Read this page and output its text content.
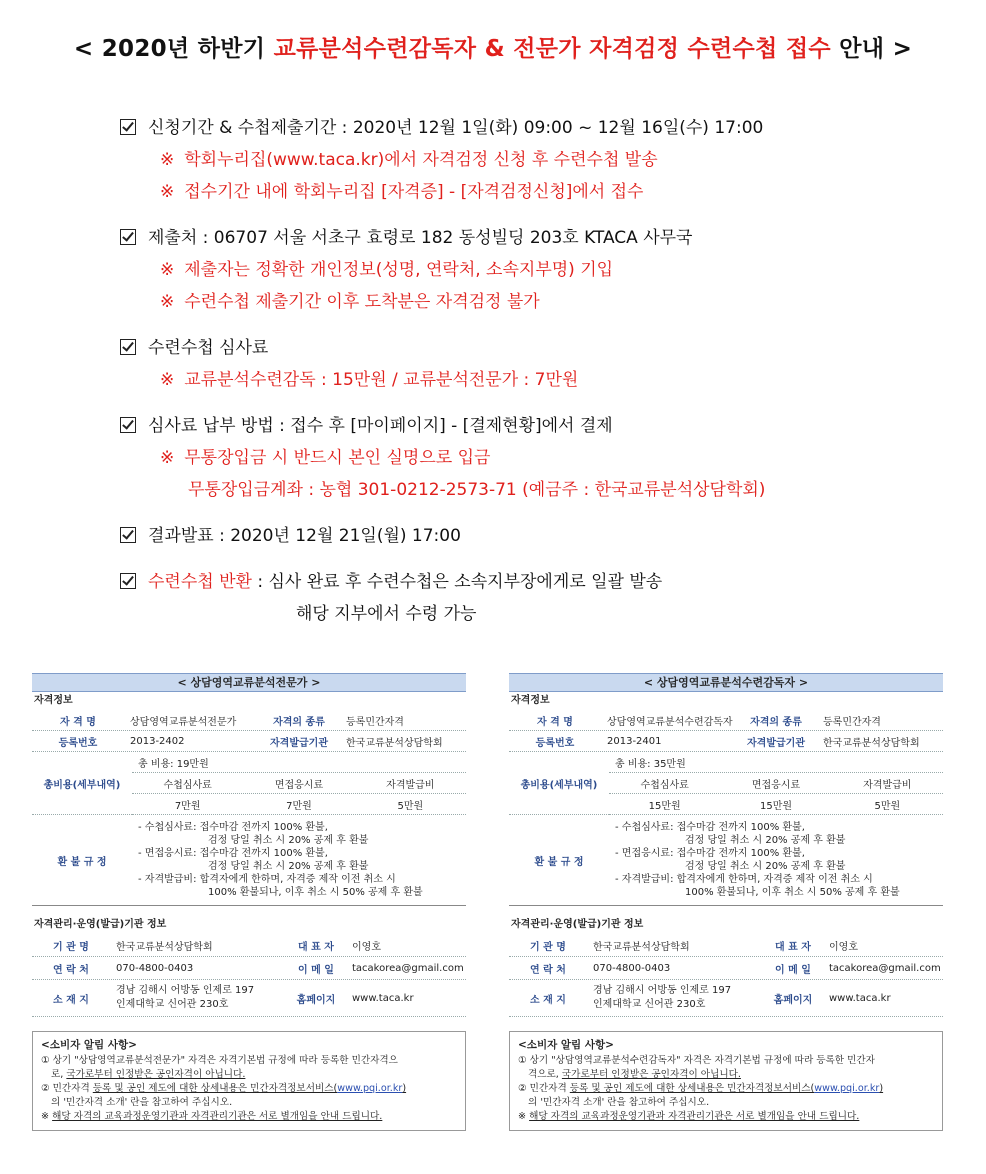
< 2020년 하반기 교류분석수련감독자 & 전문가 자격검정 수련수첩 접수 안내 >
신청기간 & 수첩제출기간 : 2020년 12월 1일(화) 09:00 ~ 12월 16일(수) 17:00
※ 학회누리집(www.taca.kr)에서 자격검정 신청 후 수련수첩 발송
※ 접수기간 내에 학회누리집 [자격증] - [자격검정신청]에서 접수
제출처 : 06707 서울 서초구 효령로 182 동성빌딩 203호 KTACA 사무국
※ 제출자는 정확한 개인정보(성명, 연락처, 소속지부명) 기입
※ 수련수첩 제출기간 이후 도착분은 자격검정 불가
수련수첩 심사료
※ 교류분석수련감독 : 15만원 / 교류분석전문가 : 7만원
심사료 납부 방법 : 접수 후 [마이페이지] - [결제현황]에서 결제
※ 무통장입금 시 반드시 본인 실명으로 입금
무통장입금계좌 : 농협 301-0212-2573-71 (예금주 : 한국교류분석상담학회)
결과발표 : 2020년 12월 21일(월) 17:00
수련수첩 반환 : 심사 완료 후 수련수첩은 소속지부장에게로 일괄 발송
해당 지부에서 수령 가능
< 상담영역교류분석전문가 >
자격정보
자 격 명	상담영역교류분석전문가	자격의 종류	등록민간자격
등록번호	2013-2402	자격발급기관	한국교류분석상담학회
총비용(세부내역)
총 비용: 19만원
수첩심사료	면접응시료	자격발급비
7만원	7만원	5만원
환 불 규 정
- 수첩심사료: 접수마감 전까지 100% 환불,
검정 당일 취소 시 20% 공제 후 환불
- 면접응시료: 접수마감 전까지 100% 환불,
검정 당일 취소 시 20% 공제 후 환불
- 자격발급비: 합격자에게 한하며, 자격증 제작 이전 취소 시
100% 환불되나, 이후 취소 시 50% 공제 후 환불
자격관리·운영(발급)기관 정보
기 관 명	한국교류분석상담학회	대 표 자	이영호
연 락 처	070-4800-0403	이 메 일	tacakorea@gmail.com
소 재 지
경남 김해시 어방동 인제로 197
인제대학교 신어관 230호	홈페이지	www.taca.kr
<소비자 알림 사항>
① 상기 "상담영역교류분석전문가" 자격은 자격기본법 규정에 따라 등록한 민간자격으
로, 국가로부터 인정받은 공인자격이 아닙니다.
② 민간자격 등록 및 공인 제도에 대한 상세내용은 민간자격정보서비스(www.pqi.or.kr)
의 '민간자격 소개' 란을 참고하여 주십시오.
※ 해당 자격의 교육과정운영기관과 자격관리기관은 서로 별개임을 안내 드립니다.
< 상담영역교류분석수련감독자 >
자격정보
자 격 명	상담영역교류분석수련감독자	자격의 종류	등록민간자격
등록번호	2013-2401	자격발급기관	한국교류분석상담학회
총비용(세부내역)
총 비용: 35만원
수첩심사료	면접응시료	자격발급비
15만원	15만원	5만원
환 불 규 정
- 수첩심사료: 접수마감 전까지 100% 환불,
검정 당일 취소 시 20% 공제 후 환불
- 면접응시료: 접수마감 전까지 100% 환불,
검정 당일 취소 시 20% 공제 후 환불
- 자격발급비: 합격자에게 한하며, 자격증 제작 이전 취소 시
100% 환불되나, 이후 취소 시 50% 공제 후 환불
자격관리·운영(발급)기관 정보
기 관 명	한국교류분석상담학회	대 표 자	이영호
연 락 처	070-4800-0403	이 메 일	tacakorea@gmail.com
소 재 지
경남 김해시 어방동 인제로 197
인제대학교 신어관 230호	홈페이지	www.taca.kr
<소비자 알림 사항>
① 상기 "상담영역교류분석수련감독자" 자격은 자격기본법 규정에 따라 등록한 민간자
격으로, 국가로부터 인정받은 공인자격이 아닙니다.
② 민간자격 등록 및 공인 제도에 대한 상세내용은 민간자격정보서비스(www.pqi.or.kr)
의 '민간자격 소개' 란을 참고하여 주십시오.
※ 해당 자격의 교육과정운영기관과 자격관리기관은 서로 별개임을 안내 드립니다.
